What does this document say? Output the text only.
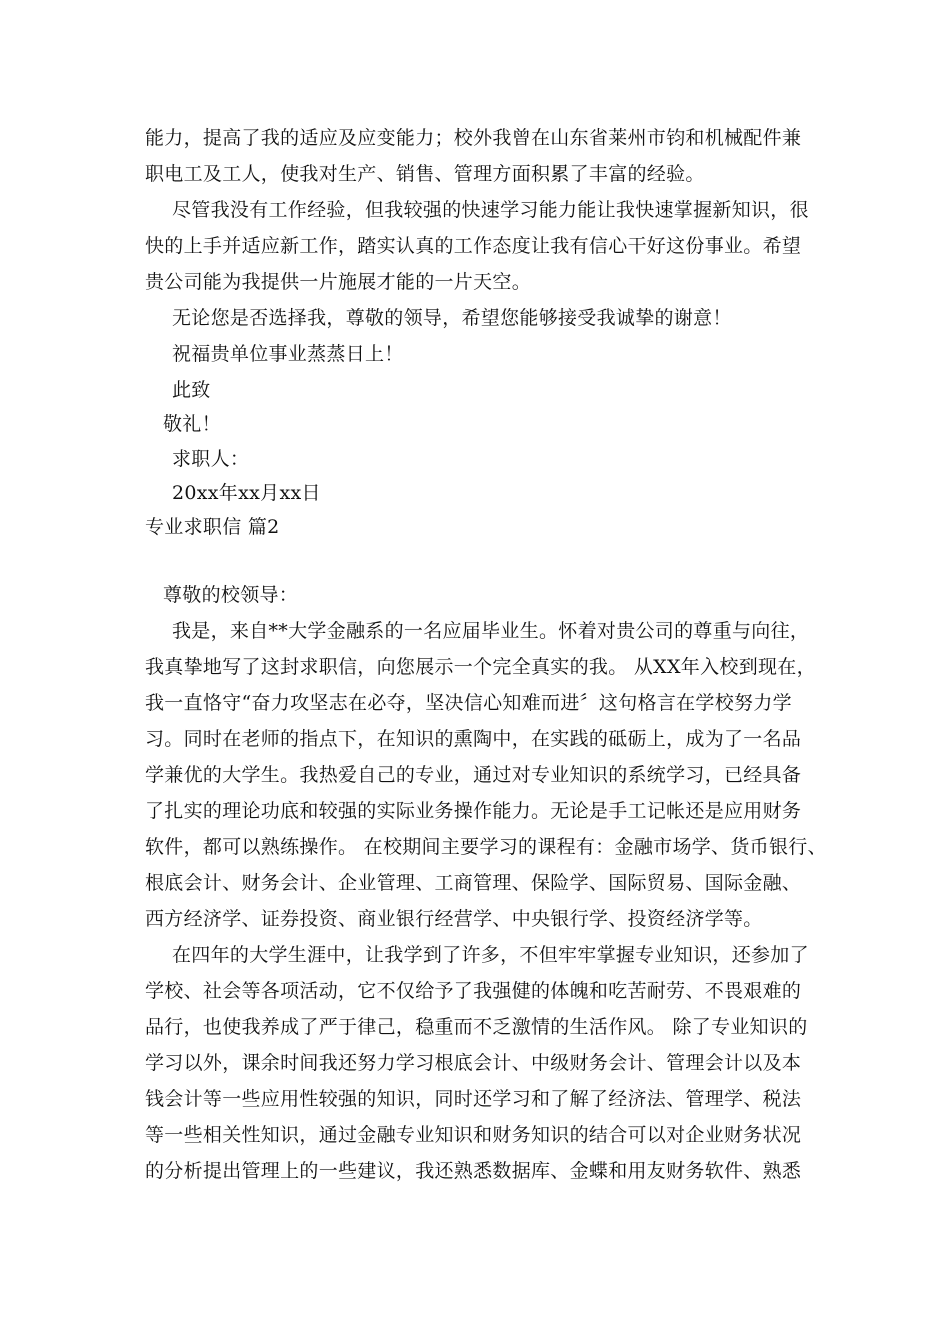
能力，提高了我的适应及应变能力；校外我曾在山东省莱州市钧和机械配件兼
职电工及工人，使我对生产、销售、管理方面积累了丰富的经验。
尽管我没有工作经验，但我较强的快速学习能力能让我快速掌握新知识，很
快的上手并适应新工作，踏实认真的工作态度让我有信心干好这份事业。希望
贵公司能为我提供一片施展才能的一片天空。
无论您是否选择我，尊敬的领导，希望您能够接受我诚挚的谢意！
祝福贵单位事业蒸蒸日上！
此致
敬礼！
求职人：
20xx年xx月xx日
专业求职信 篇2
尊敬的校领导：
我是，来自**大学金融系的一名应届毕业生。怀着对贵公司的尊重与向往，
我真挚地写了这封求职信，向您展示一个完全真实的我。 从XX年入校到现在，
我一直恪守“奋力攻坚志在必夺，坚决信心知难而进〞这句格言在学校努力学
习。同时在老师的指点下，在知识的熏陶中，在实践的砥砺上，成为了一名品
学兼优的大学生。我热爱自己的专业，通过对专业知识的系统学习，已经具备
了扎实的理论功底和较强的实际业务操作能力。无论是手工记帐还是应用财务
软件，都可以熟练操作。 在校期间主要学习的课程有：金融市场学、货币银行、
根底会计、财务会计、企业管理、工商管理、保险学、国际贸易、国际金融、
西方经济学、证券投资、商业银行经营学、中央银行学、投资经济学等。
在四年的大学生涯中，让我学到了许多，不但牢牢掌握专业知识，还参加了
学校、社会等各项活动，它不仅给予了我强健的体魄和吃苦耐劳、不畏艰难的
品行，也使我养成了严于律己，稳重而不乏激情的生活作风。 除了专业知识的
学习以外，课余时间我还努力学习根底会计、中级财务会计、管理会计以及本
钱会计等一些应用性较强的知识，同时还学习和了解了经济法、管理学、税法
等一些相关性知识，通过金融专业知识和财务知识的结合可以对企业财务状况
的分析提出管理上的一些建议，我还熟悉数据库、金蝶和用友财务软件、熟悉
